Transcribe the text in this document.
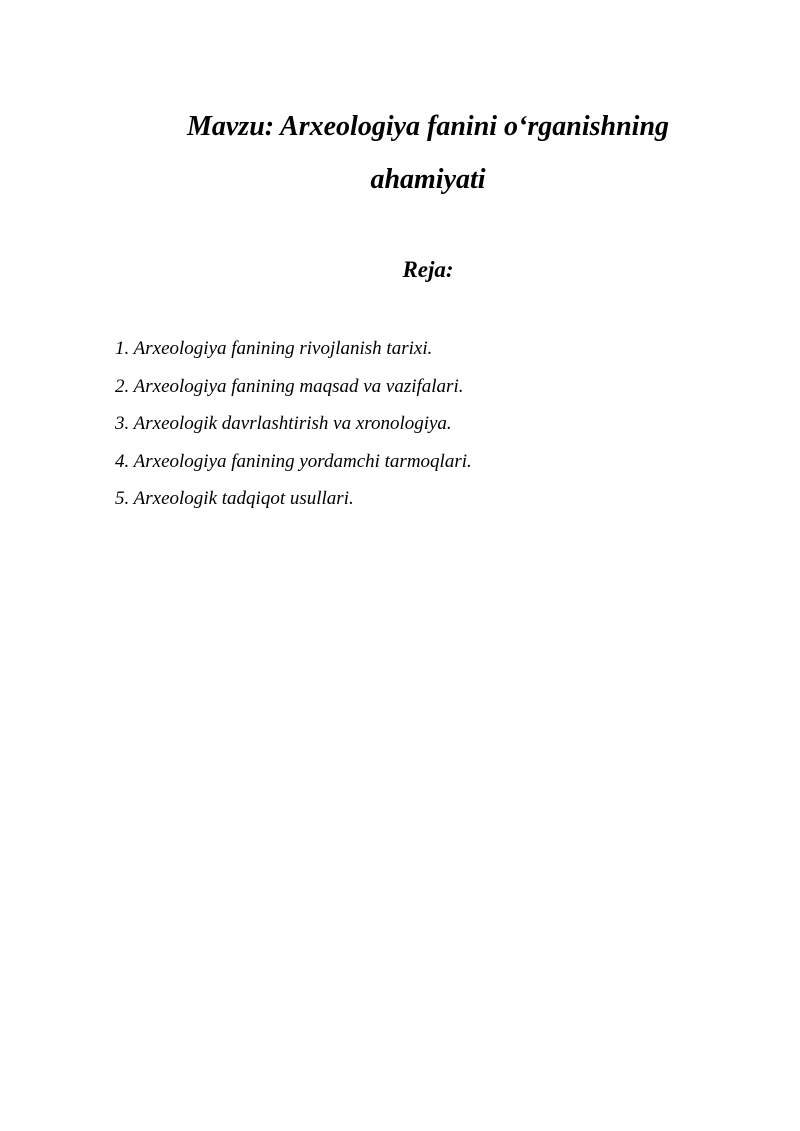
Mavzu: Arxeologiya fanini o‘rganishning
ahamiyati
Reja:
1. Arxeologiya fanining rivojlanish tarixi.
2. Arxeologiya fanining maqsad va vazifalari.
3. Arxeologik davrlashtirish va xronologiya.
4. Arxeologiya fanining yordamchi tarmoqlari.
5. Arxeologik tadqiqot usullari.
